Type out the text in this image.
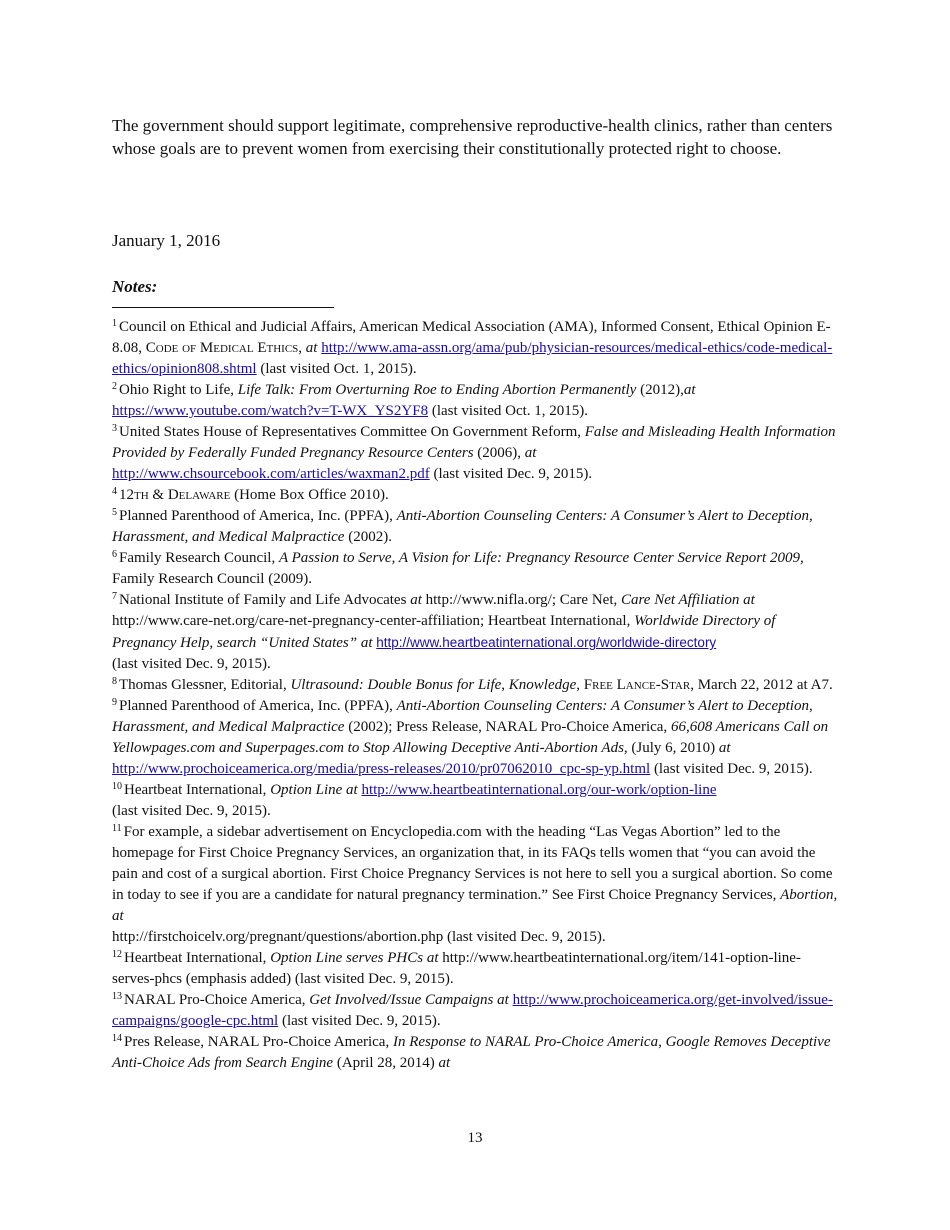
The government should support legitimate, comprehensive reproductive-health clinics, rather than centers whose goals are to prevent women from exercising their constitutionally protected right to choose.

January 1, 2016

Notes:

$^1$ Council on Ethical and Judicial Affairs, American Medical Association (AMA), Informed Consent, Ethical Opinion E-8.08, Code of Medical Ethics, at http://www.ama-assn.org/ama/pub/physician-resources/medical-ethics/code-medical-ethics/opinion808.shtml (last visited Oct. 1, 2015).

$^2$ Ohio Right to Life, Life Talk: From Overturning Roe to Ending Abortion Permanently (2012),at
https://www.youtube.com/watch?v=T-WX_YS2YF8 (last visited Oct. 1, 2015).

$^3$ United States House of Representatives Committee On Government Reform, False and Misleading Health Information Provided by Federally Funded Pregnancy Resource Centers (2006), at
http://www.chsourcebook.com/articles/waxman2.pdf (last visited Dec. 9, 2015).

$^4$ 12th & Delaware (Home Box Office 2010).

$^5$ Planned Parenthood of America, Inc. (PPFA), Anti-Abortion Counseling Centers: A Consumer’s Alert to Deception, Harassment, and Medical Malpractice (2002).

$^6$ Family Research Council, A Passion to Serve, A Vision for Life: Pregnancy Resource Center Service Report 2009, Family Research Council (2009).

$^7$ National Institute of Family and Life Advocates at http://www.nifla.org/; Care Net, Care Net Affiliation at http://www.care-net.org/care-net-pregnancy-center-affiliation; Heartbeat International, Worldwide Directory of Pregnancy Help, search “United States” at http://www.heartbeatinternational.org/worldwide-directory
(last visited Dec. 9, 2015).

$^8$ Thomas Glessner, Editorial, Ultrasound: Double Bonus for Life, Knowledge, Free Lance-Star, March 22, 2012 at A7.

$^9$ Planned Parenthood of America, Inc. (PPFA), Anti-Abortion Counseling Centers: A Consumer’s Alert to Deception, Harassment, and Medical Malpractice (2002); Press Release, NARAL Pro-Choice America, 66,608 Americans Call on Yellowpages.com and Superpages.com to Stop Allowing Deceptive Anti-Abortion Ads, (July 6, 2010) at http://www.prochoiceamerica.org/media/press-releases/2010/pr07062010_cpc-sp-yp.html (last visited Dec. 9, 2015).

$^{10}$ Heartbeat International, Option Line at http://www.heartbeatinternational.org/our-work/option-line
(last visited Dec. 9, 2015).

$^{11}$ For example, a sidebar advertisement on Encyclopedia.com with the heading “Las Vegas Abortion” led to the homepage for First Choice Pregnancy Services, an organization that, in its FAQs tells women that “you can avoid the pain and cost of a surgical abortion. First Choice Pregnancy Services is not here to sell you a surgical abortion. So come in today to see if you are a candidate for natural pregnancy termination.” See First Choice Pregnancy Services, Abortion, at
http://firstchoicelv.org/pregnant/questions/abortion.php (last visited Dec. 9, 2015).

$^{12}$ Heartbeat International, Option Line serves PHCs at http://www.heartbeatinternational.org/item/141-option-line-serves-phcs (emphasis added) (last visited Dec. 9, 2015).

$^{13}$ NARAL Pro-Choice America, Get Involved/Issue Campaigns at http://www.prochoiceamerica.org/get-involved/issue-campaigns/google-cpc.html (last visited Dec. 9, 2015).

$^{14}$ Pres Release, NARAL Pro-Choice America, In Response to NARAL Pro-Choice America, Google Removes Deceptive Anti-Choice Ads from Search Engine (April 28, 2014) at

13
